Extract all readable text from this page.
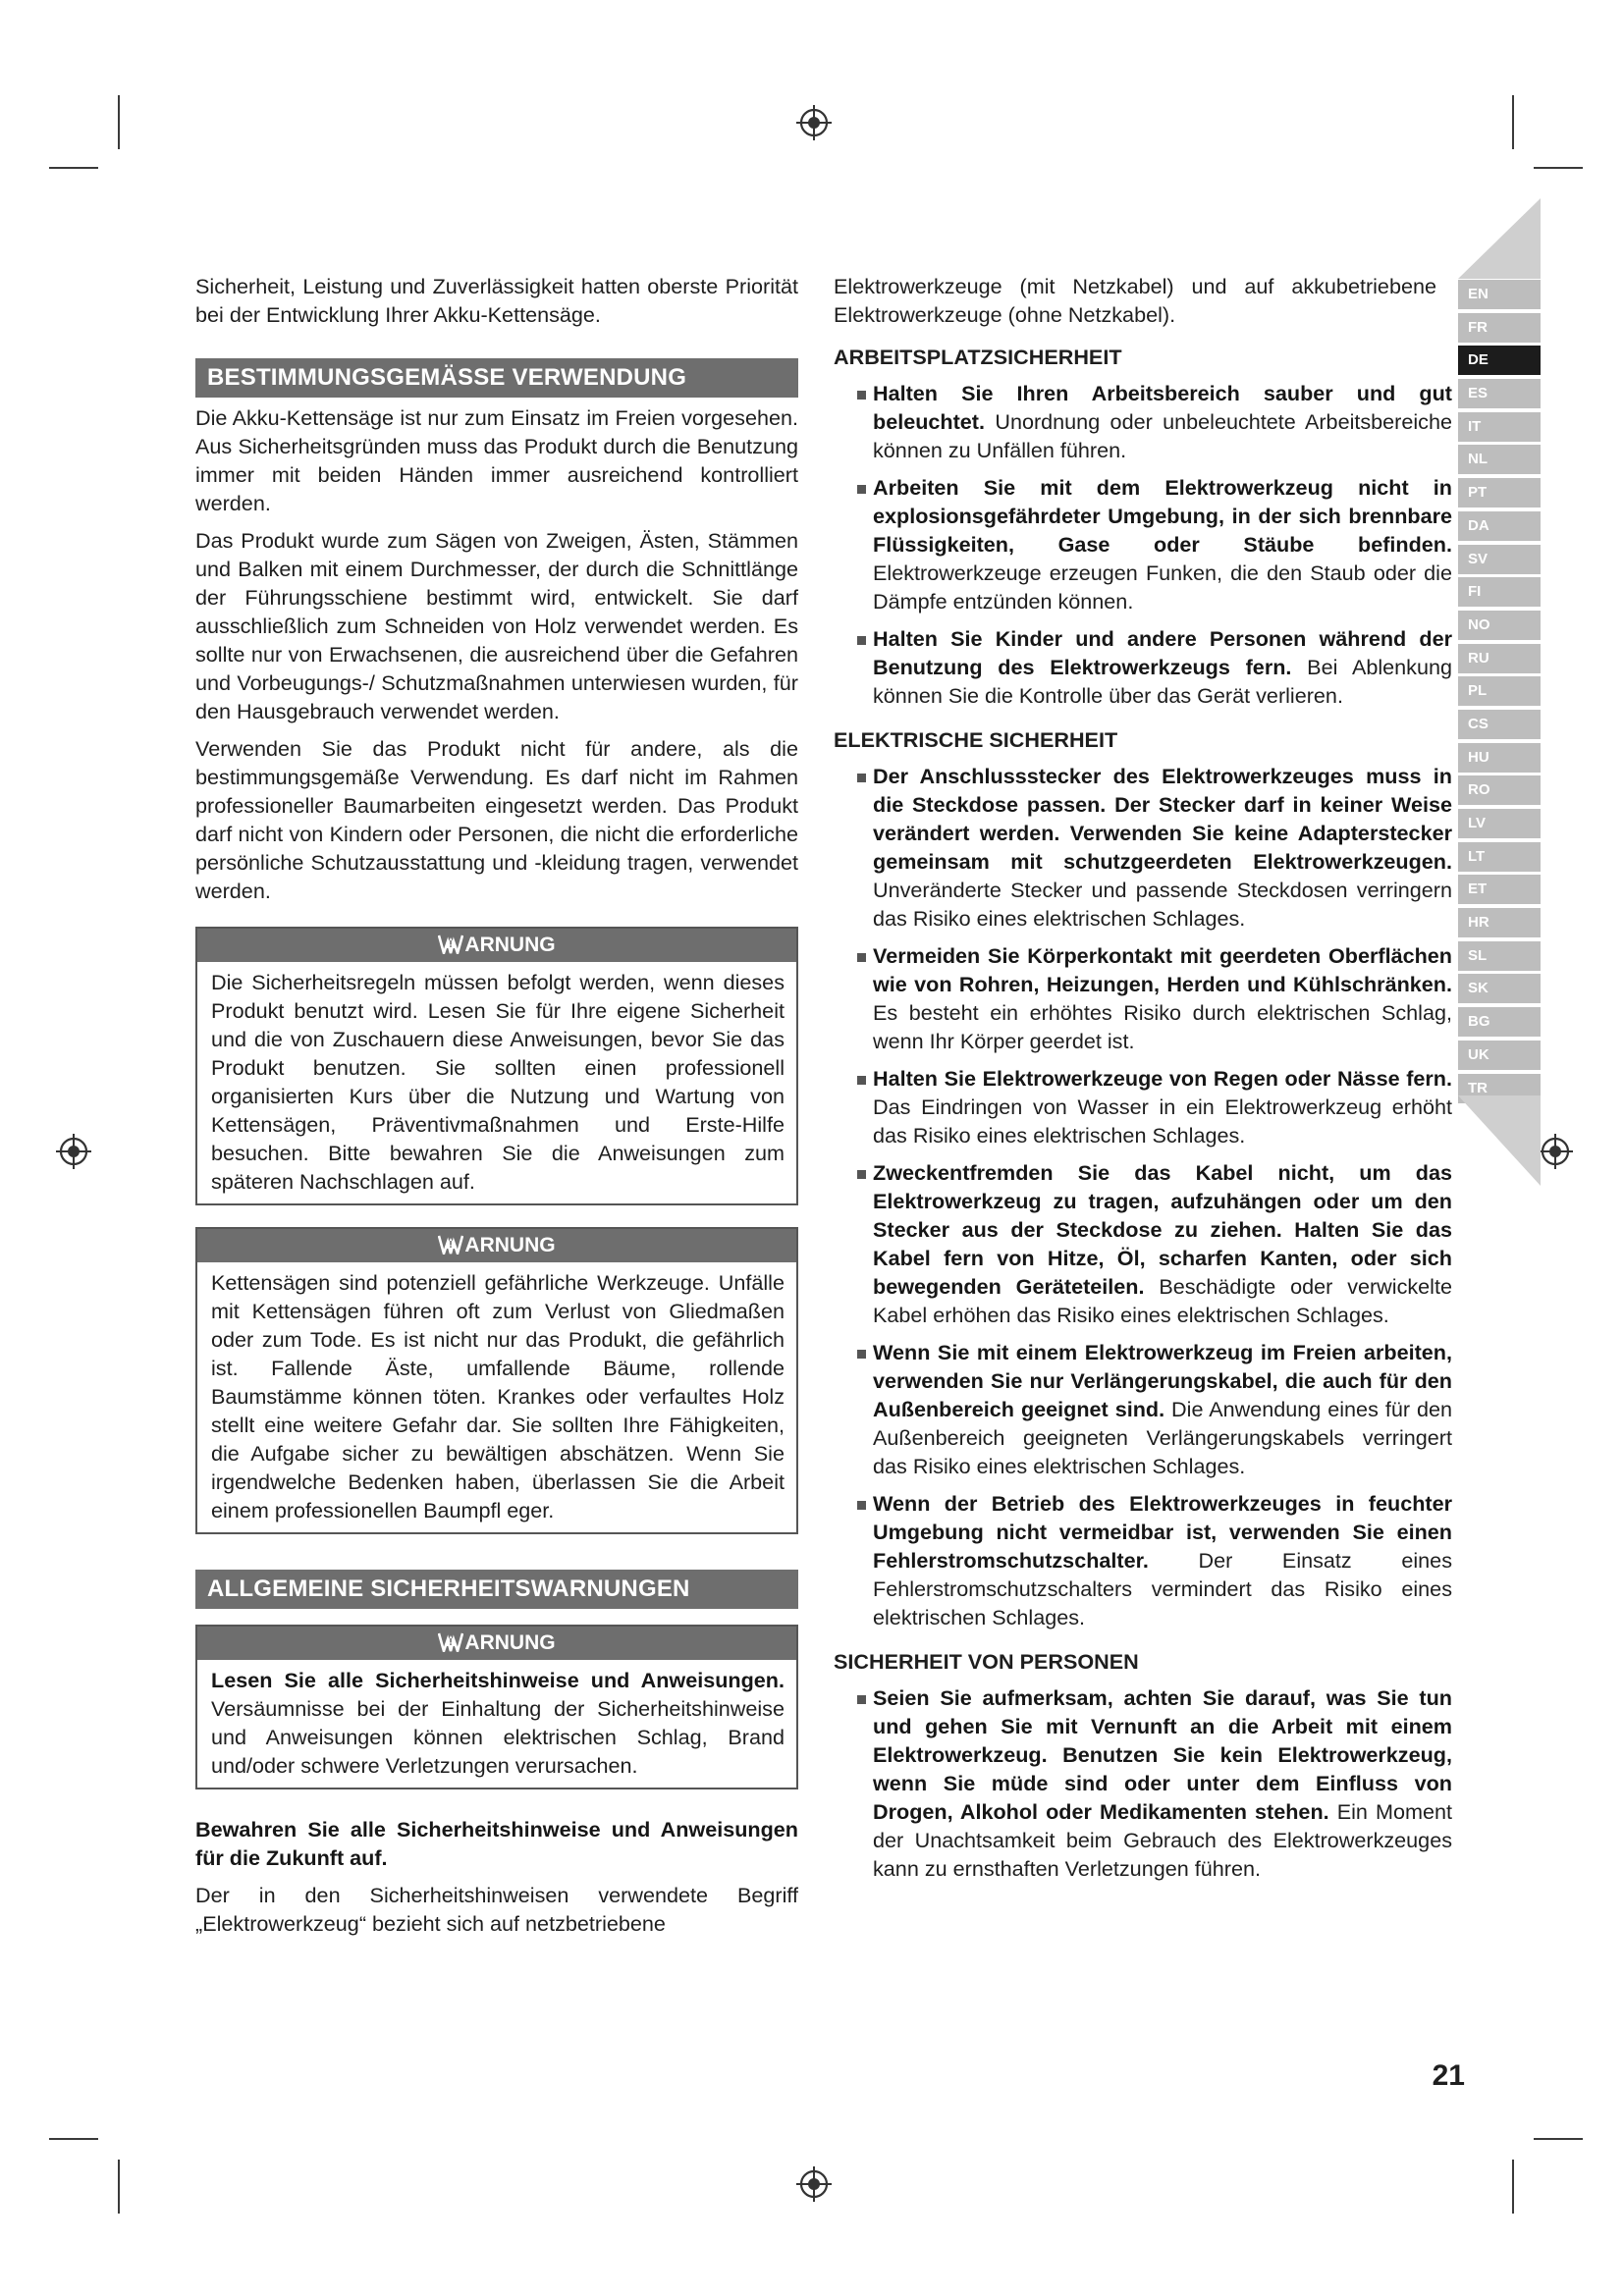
EN
FR
DE
ES
IT
NL
PT
DA
SV
FI
NO
RU
PL
CS
HU
RO
LV
LT
ET
HR
SL
SK
BG
UK
TR

Sicherheit, Leistung und Zuverlässigkeit hatten oberste Priorität bei der Entwicklung Ihrer Akku-Kettensäge.

BESTIMMUNGSGEMÄSSE VERWENDUNG

Die Akku-Kettensäge ist nur zum Einsatz im Freien vorgesehen. Aus Sicherheitsgründen muss das Produkt durch die Benutzung immer mit beiden Händen immer ausreichend kontrolliert werden.

Das Produkt wurde zum Sägen von Zweigen, Ästen, Stämmen und Balken mit einem Durchmesser, der durch die Schnittlänge der Führungsschiene bestimmt wird, entwickelt. Sie darf ausschließlich zum Schneiden von Holz verwendet werden. Es sollte nur von Erwachsenen, die ausreichend über die Gefahren und Vorbeugungs-/ Schutzmaßnahmen unterwiesen wurden, für den Hausgebrauch verwendet werden.

Verwenden Sie das Produkt nicht für andere, als die bestimmungsgemäße Verwendung. Es darf nicht im Rahmen professioneller Baumarbeiten eingesetzt werden. Das Produkt darf nicht von Kindern oder Personen, die nicht die erforderliche persönliche Schutzausstattung und -kleidung tragen, verwendet werden.

ARNUNG

Die Sicherheitsregeln müssen befolgt werden, wenn dieses Produkt benutzt wird. Lesen Sie für Ihre eigene Sicherheit und die von Zuschauern diese Anweisungen, bevor Sie das Produkt benutzen. Sie sollten einen professionell organisierten Kurs über die Nutzung und Wartung von Kettensägen, Präventivmaßnahmen und Erste-Hilfe besuchen. Bitte bewahren Sie die Anweisungen zum späteren Nachschlagen auf.

ARNUNG

Kettensägen sind potenziell gefährliche Werkzeuge. Unfälle mit Kettensägen führen oft zum Verlust von Gliedmaßen oder zum Tode. Es ist nicht nur das Produkt, die gefährlich ist. Fallende Äste, umfallende Bäume, rollende Baumstämme können töten. Krankes oder verfaultes Holz stellt eine weitere Gefahr dar. Sie sollten Ihre Fähigkeiten, die Aufgabe sicher zu bewältigen abschätzen. Wenn Sie irgendwelche Bedenken haben, überlassen Sie die Arbeit einem professionellen Baumpfl eger.

ALLGEMEINE SICHERHEITSWARNUNGEN
ARNUNG

Lesen Sie alle Sicherheitshinweise und Anweisungen. Versäumnisse bei der Einhaltung der Sicherheitshinweise und Anweisungen können elektrischen Schlag, Brand und/oder schwere Verletzungen verursachen.

Bewahren Sie alle Sicherheitshinweise und Anweisungen für die Zukunft auf.

Der in den Sicherheitshinweisen verwendete Begriff „Elektrowerkzeug“ bezieht sich auf netzbetriebene

Elektrowerkzeuge (mit Netzkabel) und auf akkubetriebene Elektrowerkzeuge (ohne Netzkabel).

ARBEITSPLATZSICHERHEIT
Halten Sie Ihren Arbeitsbereich sauber und gut beleuchtet. Unordnung oder unbeleuchtete Arbeitsbereiche können zu Unfällen führen.
Arbeiten Sie mit dem Elektrowerkzeug nicht in explosionsgefährdeter Umgebung, in der sich brennbare Flüssigkeiten, Gase oder Stäube befinden. Elektrowerkzeuge erzeugen Funken, die den Staub oder die Dämpfe entzünden können.
Halten Sie Kinder und andere Personen während der Benutzung des Elektrowerkzeugs fern. Bei Ablenkung können Sie die Kontrolle über das Gerät verlieren.
ELEKTRISCHE SICHERHEIT
Der Anschlussstecker des Elektrowerkzeuges muss in die Steckdose passen. Der Stecker darf in keiner Weise verändert werden. Verwenden Sie keine Adapterstecker gemeinsam mit schutzgeerdeten Elektrowerkzeugen. Unveränderte Stecker und passende Steckdosen verringern das Risiko eines elektrischen Schlages.
Vermeiden Sie Körperkontakt mit geerdeten Oberflächen wie von Rohren, Heizungen, Herden und Kühlschränken. Es besteht ein erhöhtes Risiko durch elektrischen Schlag, wenn Ihr Körper geerdet ist.
Halten Sie Elektrowerkzeuge von Regen oder Nässe fern. Das Eindringen von Wasser in ein Elektrowerkzeug erhöht das Risiko eines elektrischen Schlages.
Zweckentfremden Sie das Kabel nicht, um das Elektrowerkzeug zu tragen, aufzuhängen oder um den Stecker aus der Steckdose zu ziehen. Halten Sie das Kabel fern von Hitze, Öl, scharfen Kanten, oder sich bewegenden Geräteteilen. Beschädigte oder verwickelte Kabel erhöhen das Risiko eines elektrischen Schlages.
Wenn Sie mit einem Elektrowerkzeug im Freien arbeiten, verwenden Sie nur Verlängerungskabel, die auch für den Außenbereich geeignet sind. Die Anwendung eines für den Außenbereich geeigneten Verlängerungskabels verringert das Risiko eines elektrischen Schlages.
Wenn der Betrieb des Elektrowerkzeuges in feuchter Umgebung nicht vermeidbar ist, verwenden Sie einen Fehlerstromschutzschalter. Der Einsatz eines Fehlerstromschutzschalters vermindert das Risiko eines elektrischen Schlages.
SICHERHEIT VON PERSONEN
Seien Sie aufmerksam, achten Sie darauf, was Sie tun und gehen Sie mit Vernunft an die Arbeit mit einem Elektrowerkzeug. Benutzen Sie kein Elektrowerkzeug, wenn Sie müde sind oder unter dem Einfluss von Drogen, Alkohol oder Medikamenten stehen. Ein Moment der Unachtsamkeit beim Gebrauch des Elektrowerkzeuges kann zu ernsthaften Verletzungen führen.
21
